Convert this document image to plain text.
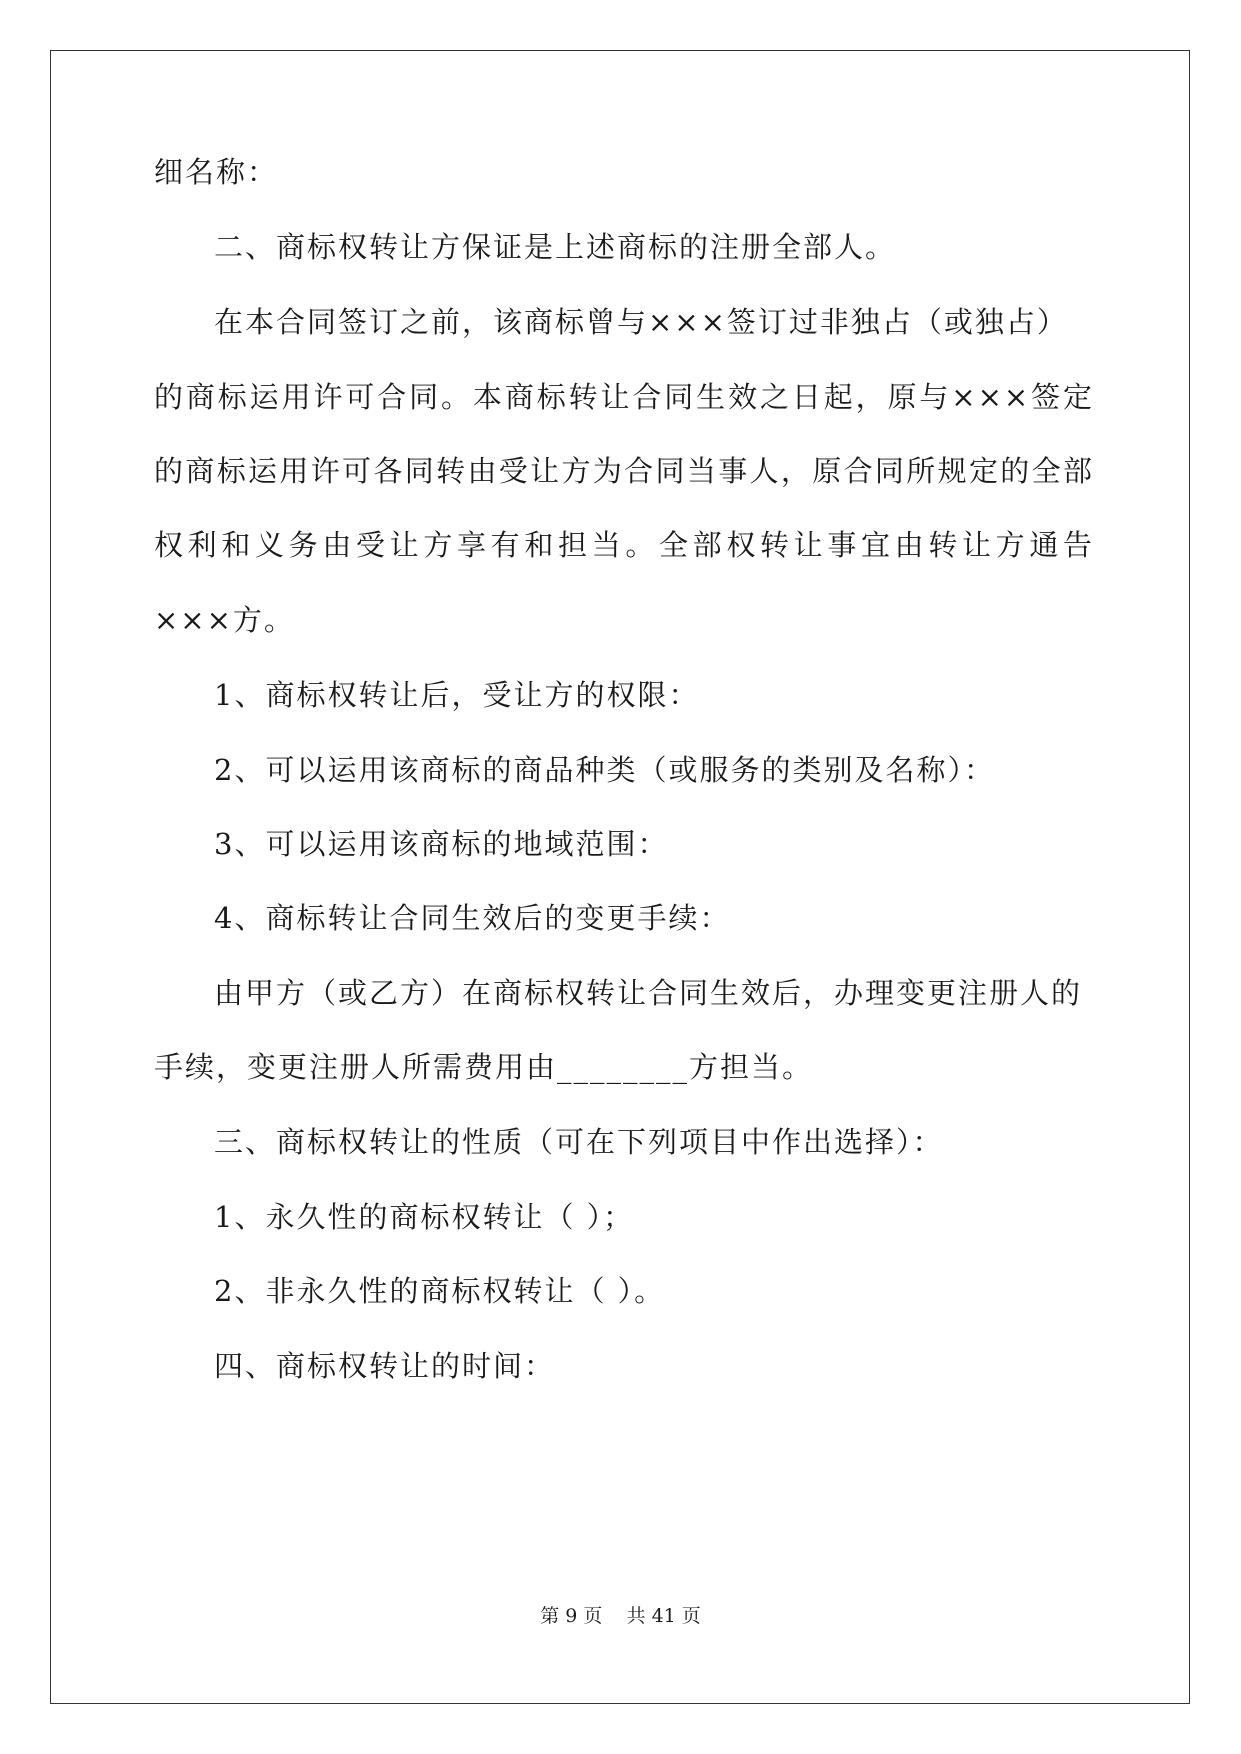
细名称：

二、商标权转让方保证是上述商标的注册全部人。

在本合同签订之前，该商标曾与×××签订过非独占（或独占）

的商标运用许可合同。本商标转让合同生效之日起，原与×××签定

的商标运用许可各同转由受让方为合同当事人，原合同所规定的全部

权利和义务由受让方享有和担当。全部权转让事宜由转让方通告

×××方。

1、商标权转让后，受让方的权限：

2、可以运用该商标的商品种类（或服务的类别及名称）：

3、可以运用该商标的地域范围：

4、商标转让合同生效后的变更手续：

由甲方（或乙方）在商标权转让合同生效后，办理变更注册人的

手续，变更注册人所需费用由________方担当。

三、商标权转让的性质（可在下列项目中作出选择）：

1、永久性的商标权转让（ ）；

2、非永久性的商标权转让（ ）。

四、商标权转让的时间：

第 9 页    共 41 页
